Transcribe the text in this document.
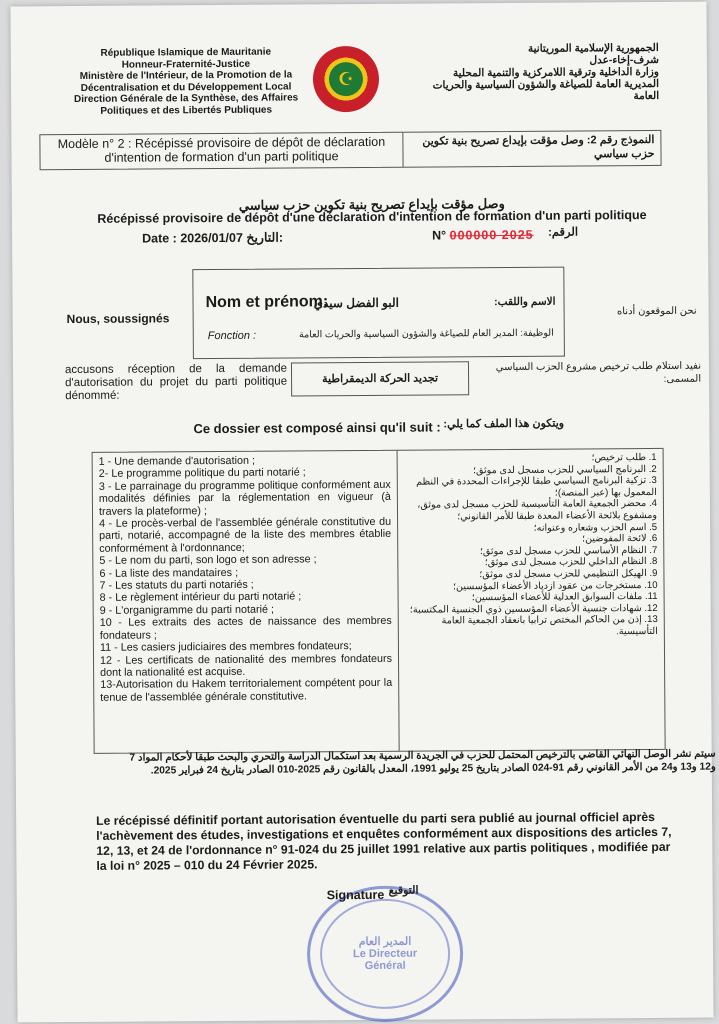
République Islamique de Mauritanie
Honneur-Fraternité-Justice
Ministère de l'Intérieur, de la Promotion de la
Décentralisation et du Développement Local
Direction Générale de la Synthèse, des Affaires
Politiques et des Libertés Publiques
☪
الجمهورية الإسلامية الموريتانية
شرف-إخاء-عدل
وزارة الداخلية وترقية اللامركزية والتنمية المحلية
المديرية العامة للصياغة والشؤون السياسية والحريات
العامة
Modèle n° 2 : Récépissé provisoire de dépôt de déclaration d'intention de formation d'un parti politique
النموذج رقم 2: وصل مؤقت بإيداع تصريح بنية تكوين حزب سياسي
وصل مؤقت بإيداع تصريح بنية تكوين حزب سياسي
Récépissé provisoire de dépôt d'une déclaration d'intention de formation d'un parti politique
Date : 2026/01/07 التاريخ:	الرقم:
N° 000000 2025
Nous, soussignés	نحن الموقعون أدناه
Nom et prénom:
البو الفضل سيدي	الاسم واللقب:
Fonction :	الوظيفة: المدير العام للصياغة والشؤون السياسية والحريات العامة
accusons réception de la demande d'autorisation du projet du parti politique dénommé:
تجديد الحركة الديمقراطية
نفيد استلام طلب ترخيص مشروع الحزب السياسي المسمى:
Ce dossier est composé ainsi qu'il suit : ويتكون هذا الملف كما يلي:

1 - Une demande d'autorisation ;

2- Le programme politique du parti notarié ;

3 - Le parrainage du programme politique conformément aux modalités définies par la réglementation en vigueur (à travers la plateforme) ;

4 - Le procès-verbal de l'assemblée générale constitutive du parti, notarié, accompagné de la liste des membres établie conformément à l'ordonnance;

5 - Le nom du parti, son logo et son adresse ;

6 - La liste des mandataires ;

7 - Les statuts du parti notariés ;

8 - Le règlement intérieur du parti notarié ;

9 - L'organigramme du parti notarié ;

10 - Les extraits des actes de naissance des membres fondateurs ;

11 - Les casiers judiciaires des membres fondateurs;

12 - Les certificats de nationalité des membres fondateurs dont la nationalité est acquise.

13-Autorisation du Hakem territorialement compétent pour la tenue de l'assemblée générale constitutive.

1. طلب ترخيص؛

2. البرنامج السياسي للحزب مسجل لدى موثق؛

3. تزكية البرنامج السياسي طبقا للإجراءات المحددة في النظم المعمول بها (عبر المنصة)؛

4. محضر الجمعية العامة التأسيسية للحزب مسجل لدى موثق، ومشفوع بلائحة الأعضاء المعدة طبقا للأمر القانوني؛

5. اسم الحزب وشعاره وعنوانه؛

6. لائحة المفوضين؛

7. النظام الأساسي للحزب مسجل لدى موثق؛

8. النظام الداخلي للحزب مسجل لدى موثق؛

9. الهيكل التنظيمي للحزب مسجل لدى موثق؛

10. مستخرجات من عقود ازدياد الأعضاء المؤسسين؛

11. ملفات السوابق العدلية للأعضاء المؤسسين؛

12. شهادات جنسية الأعضاء المؤسسين ذوي الجنسية المكتسبة؛

13. إذن من الحاكم المختص ترابيا بانعقاد الجمعية العامة التأسيسية.

سيتم نشر الوصل النهائي القاضي بالترخيص المحتمل للحزب في الجريدة الرسمية بعد استكمال الدراسة والتحري والبحث طبقا لأحكام المواد 7 و12 و13 و24 من الأمر القانوني رقم 91-024 الصادر بتاريخ 25 يوليو 1991، المعدل بالقانون رقم 2025-010 الصادر بتاريخ 24 فبراير 2025.
Le récépissé définitif portant autorisation éventuelle du parti sera publié au journal officiel après l'achèvement des études, investigations et enquêtes conformément aux dispositions des articles 7, 12, 13, et 24 de l'ordonnance n° 91-024 du 25 juillet 1991 relative aux partis politiques , modifiée par la loi n° 2025 – 010 du 24 Février 2025.
المدير العام
Le Directeur
Général
Signature التوقيع
